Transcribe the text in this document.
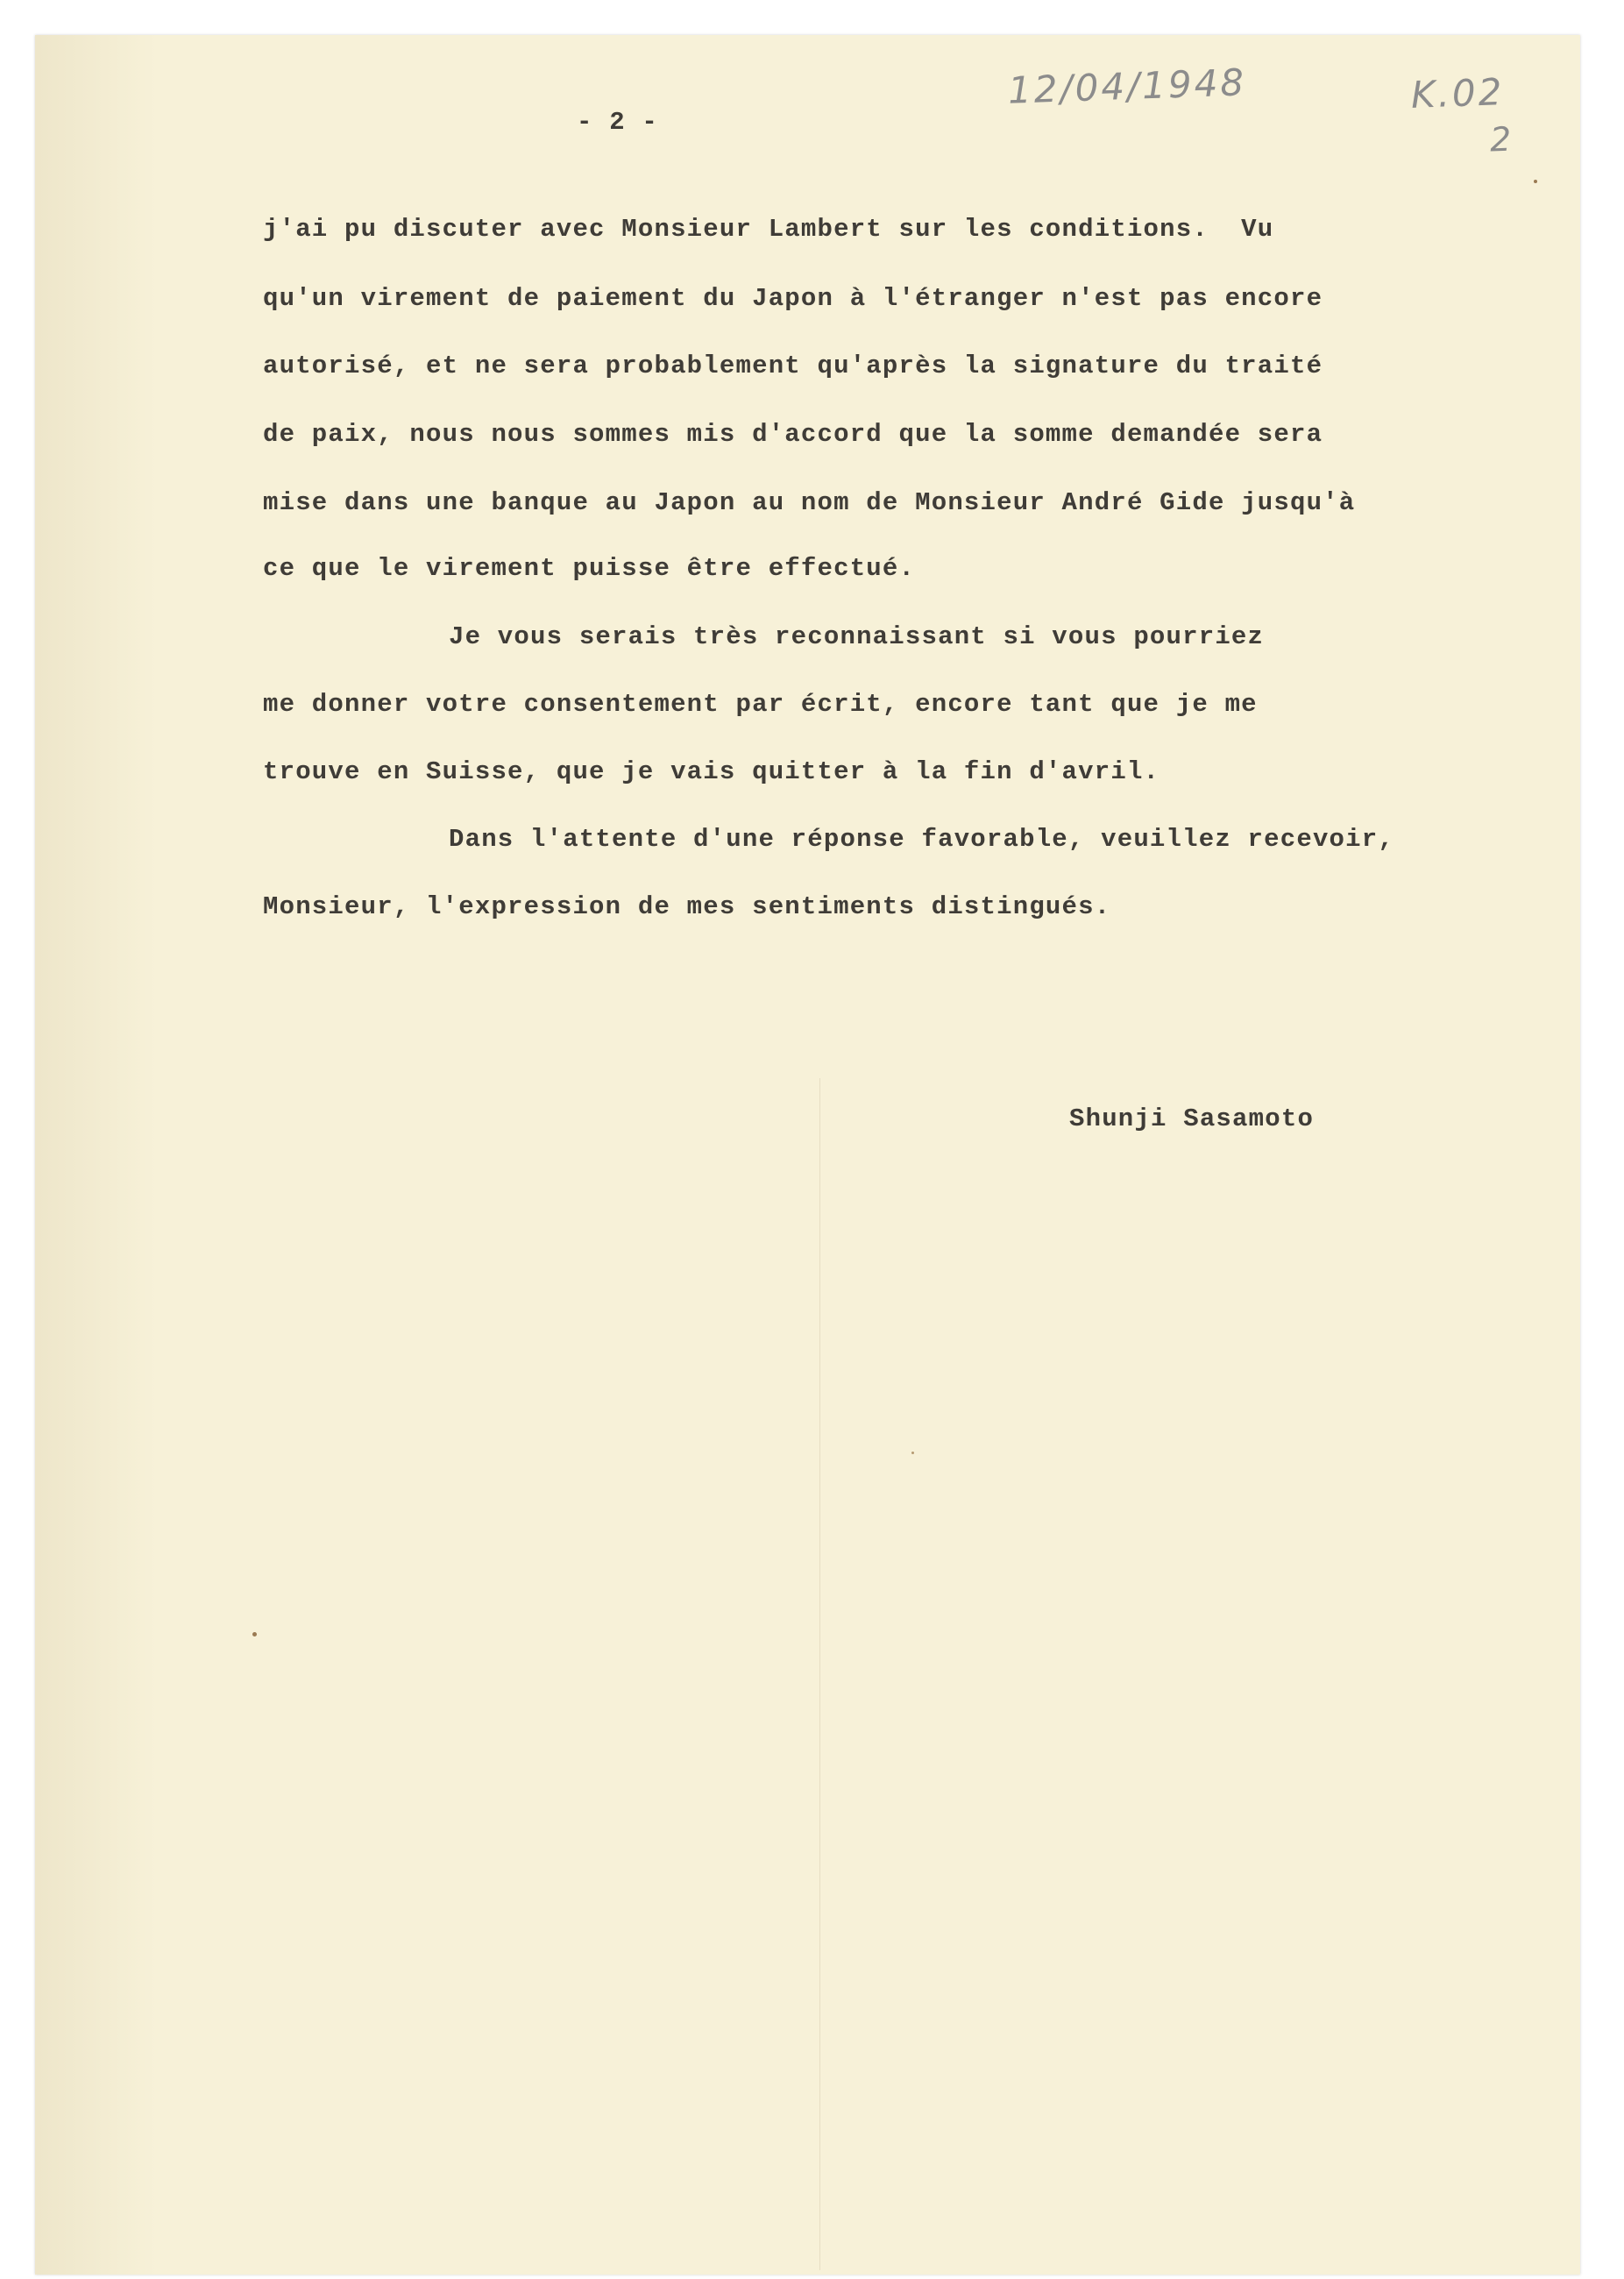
- 2 -
12/04/1948	K.02
2
j'ai pu discuter avec Monsieur Lambert sur les conditions.  Vu
qu'un virement de paiement du Japon à l'étranger n'est pas encore
autorisé, et ne sera probablement qu'après la signature du traité
de paix, nous nous sommes mis d'accord que la somme demandée sera
mise dans une banque au Japon au nom de Monsieur André Gide jusqu'à
ce que le virement puisse être effectué.
Je vous serais très reconnaissant si vous pourriez
me donner votre consentement par écrit, encore tant que je me
trouve en Suisse, que je vais quitter à la fin d'avril.
Dans l'attente d'une réponse favorable, veuillez recevoir,
Monsieur, l'expression de mes sentiments distingués.
Shunji Sasamoto
